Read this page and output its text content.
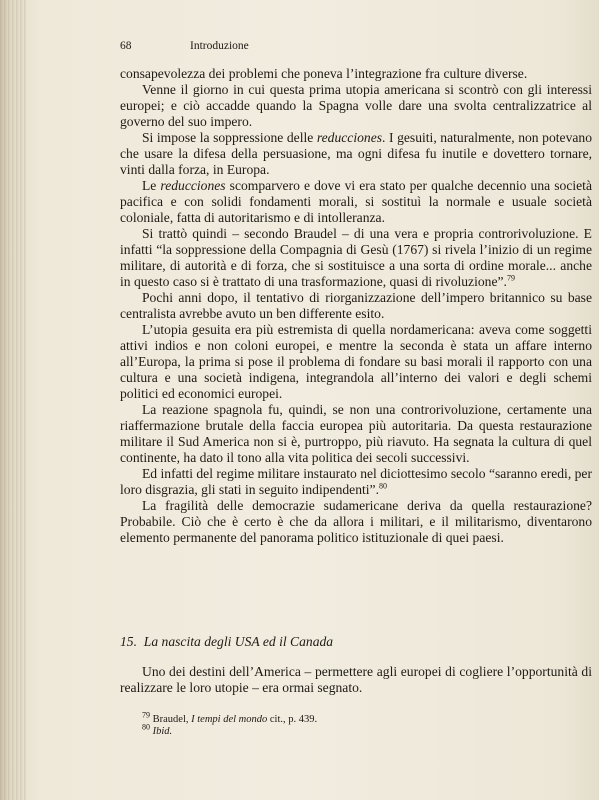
68	Introduzione

consapevolezza dei problemi che poneva l’integrazione fra culture diverse.

Venne il giorno in cui questa prima utopia americana si scontrò con gli interessi europei; e ciò accadde quando la Spagna volle dare una svolta centralizzatrice al governo del suo impero.

Si impose la soppressione delle reducciones. I gesuiti, naturalmente, non potevano che usare la difesa della persuasione, ma ogni difesa fu inutile e dovettero tornare, vinti dalla forza, in Europa.

Le reducciones scomparvero e dove vi era stato per qualche decennio una società pacifica e con solidi fondamenti morali, si sostituì la normale e usuale società coloniale, fatta di autoritarismo e di intolleranza.

Si trattò quindi – secondo Braudel – di una vera e propria controrivoluzione. E infatti “la soppressione della Compagnia di Gesù (1767) si rivela l’inizio di un regime militare, di autorità e di forza, che si sostituisce a una sorta di ordine morale... anche in questo caso si è trattato di una trasformazione, quasi di rivoluzione”.$^{79}$

Pochi anni dopo, il tentativo di riorganizzazione dell’impero britannico su base centralista avrebbe avuto un ben differente esito.

L’utopia gesuita era più estremista di quella nordamericana: aveva come soggetti attivi indios e non coloni europei, e mentre la seconda è stata un affare interno all’Europa, la prima si pose il problema di fondare su basi morali il rapporto con una cultura e una società indigena, integrandola all’interno dei valori e degli schemi politici ed economici europei.

La reazione spagnola fu, quindi, se non una controrivoluzione, certamente una riaffermazione brutale della faccia europea più autoritaria. Da questa restaurazione militare il Sud America non si è, purtroppo, più riavuto. Ha segnata la cultura di quel continente, ha dato il tono alla vita politica dei secoli successivi.

Ed infatti del regime militare instaurato nel diciottesimo secolo “saranno eredi, per loro disgrazia, gli stati in seguito indipendenti”.$^{80}$

La fragilità delle democrazie sudamericane deriva da quella restaurazione? Probabile. Ciò che è certo è che da allora i militari, e il militarismo, diventarono elemento permanente del panorama politico istituzionale di quei paesi.

15. La nascita degli USA ed il Canada

Uno dei destini dell’America – permettere agli europei di cogliere l’opportunità di realizzare le loro utopie – era ormai segnato.

$^{79}$ Braudel, I tempi del mondo cit., p. 439.
$^{80}$ Ibid.
